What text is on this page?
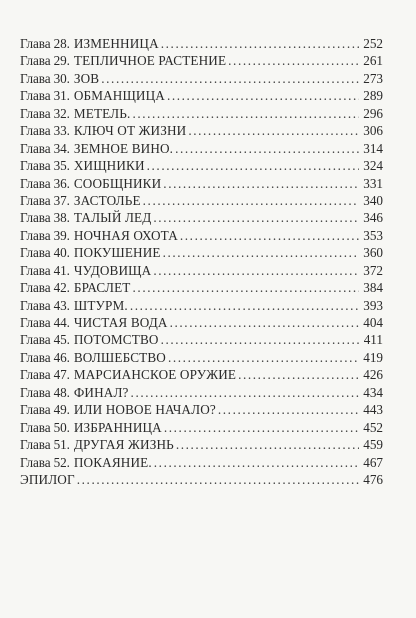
Глава 28. ИЗМЕННИЦА .....	252
Глава 29. ТЕПЛИЧНОЕ РАСТЕНИЕ .....	261
Глава 30. ЗОВ .....	273
Глава 31. ОБМАНЩИЦА .....	289
Глава 32. МЕТЕЛЬ. .....	296
Глава 33. КЛЮЧ ОТ ЖИЗНИ .....	306
Глава 34. ЗЕМНОЕ ВИНО. .....	314
Глава 35. ХИЩНИКИ .....	324
Глава 36. СООБЩНИКИ .....	331
Глава 37. ЗАСТОЛЬЕ .....	340
Глава 38. ТАЛЫЙ ЛЕД .....	346
Глава 39. НОЧНАЯ ОХОТА .....	353
Глава 40. ПОКУШЕНИЕ .....	360
Глава 41. ЧУДОВИЩА .....	372
Глава 42. БРАСЛЕТ .....	384
Глава 43. ШТУРМ. .....	393
Глава 44. ЧИСТАЯ ВОДА .....	404
Глава 45. ПОТОМСТВО .....	411
Глава 46. ВОЛШЕБСТВО .....	419
Глава 47. МАРСИАНСКОЕ ОРУЖИЕ .....	426
Глава 48. ФИНАЛ? .....	434
Глава 49. ИЛИ НОВОЕ НАЧАЛО? .....	443
Глава 50. ИЗБРАННИЦА .....	452
Глава 51. ДРУГАЯ ЖИЗНЬ .....	459
Глава 52. ПОКАЯНИЕ. .....	467
ЭПИЛОГ .....	476
